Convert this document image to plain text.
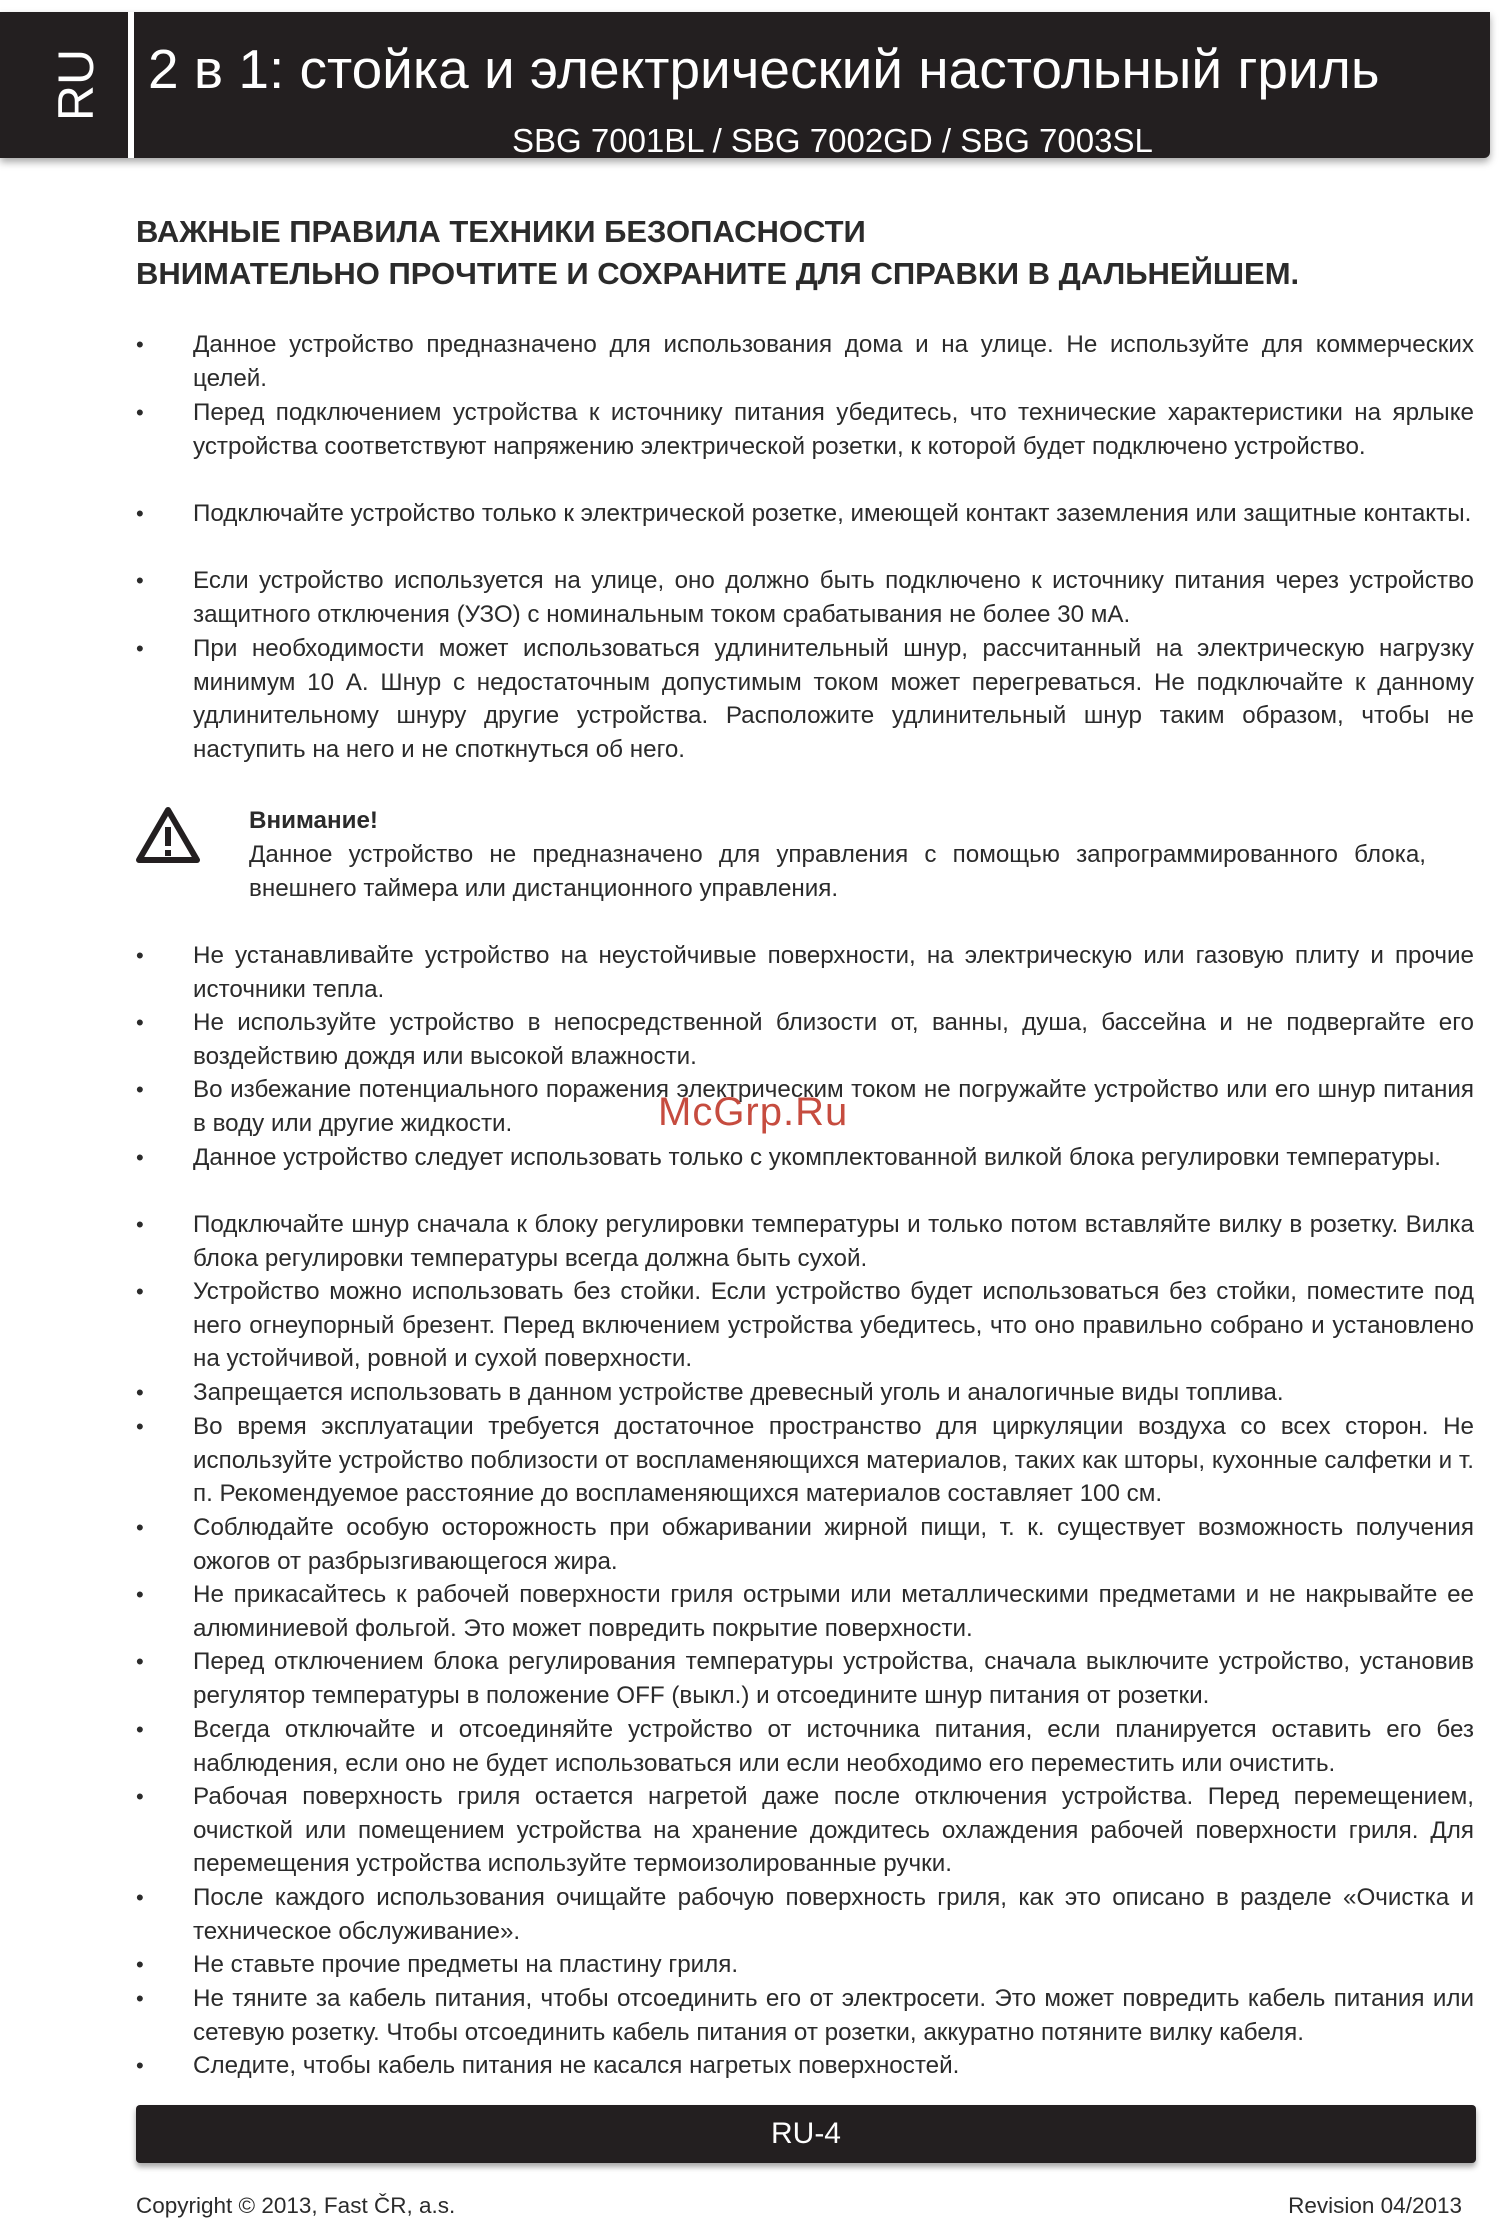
RU 2 в 1: стойка и электрический настольный гриль
SBG 7001BL / SBG 7002GD / SBG 7003SL
ВАЖНЫЕ ПРАВИЛА ТЕХНИКИ БЕЗОПАСНОСТИ
ВНИМАТЕЛЬНО ПРОЧТИТЕ И СОХРАНИТЕ ДЛЯ СПРАВКИ В ДАЛЬНЕЙШЕМ.
•	Данное устройство предназначено для использования дома и на улице. Не используйте для коммерческих целей.
•	Перед подключением устройства к источнику питания убедитесь, что технические характеристики на ярлыке устройства соответствуют напряжению электрической розетки, к которой будет подключено устройство.
•	Подключайте устройство только к электрической розетке, имеющей контакт заземления или защитные контакты.
•	Если устройство используется на улице, оно должно быть подключено к источнику питания через устройство защитного отключения (УЗО) с номинальным током срабатывания не более 30 мА.
•	При необходимости может использоваться удлинительный шнур, рассчитанный на электрическую нагрузку минимум 10 А. Шнур с недостаточным допустимым током может перегреваться. Не подключайте к данному удлинительному шнуру другие устройства. Расположите удлинительный шнур таким образом, чтобы не наступить на него и не споткнуться об него.
Внимание!
Данное устройство не предназначено для управления с помощью запрограммированного блока, внешнего таймера или дистанционного управления.
•	Не устанавливайте устройство на неустойчивые поверхности, на электрическую или газовую плиту и прочие источники тепла.
•	Не используйте устройство в непосредственной близости от, ванны, душа, бассейна и не подвергайте его воздействию дождя или высокой влажности.
•	Во избежание потенциального поражения электрическим током не погружайте устройство или его шнур питания в воду или другие жидкости.
•	Данное устройство следует использовать только с укомплектованной вилкой блока регулировки температуры.
•	Подключайте шнур сначала к блоку регулировки температуры и только потом вставляйте вилку в розетку. Вилка блока регулировки температуры всегда должна быть сухой.
•	Устройство можно использовать без стойки. Если устройство будет использоваться без стойки, поместите под него огнеупорный брезент. Перед включением устройства убедитесь, что оно правильно собрано и установлено на устойчивой, ровной и сухой поверхности.
•	Запрещается использовать в данном устройстве древесный уголь и аналогичные виды топлива.
•	Во время эксплуатации требуется достаточное пространство для циркуляции воздуха со всех сторон. Не используйте устройство поблизости от воспламеняющихся материалов, таких как шторы, кухонные салфетки и т. п. Рекомендуемое расстояние до воспламеняющихся материалов составляет 100 см.
•	Соблюдайте особую осторожность при обжаривании жирной пищи, т. к. существует возможность получения ожогов от разбрызгивающегося жира.
•	Не прикасайтесь к рабочей поверхности гриля острыми или металлическими предметами и не накрывайте ее алюминиевой фольгой. Это может повредить покрытие поверхности.
•	Перед отключением блока регулирования температуры устройства, сначала выключите устройство, установив регулятор температуры в положение OFF (выкл.) и отсоедините шнур питания от розетки.
•	Всегда отключайте и отсоединяйте устройство от источника питания, если планируется оставить его без наблюдения, если оно не будет использоваться или если необходимо его переместить или очистить.
•	Рабочая поверхность гриля остается нагретой даже после отключения устройства. Перед перемещением, очисткой или помещением устройства на хранение дождитесь охлаждения рабочей поверхности гриля. Для перемещения устройства используйте термоизолированные ручки.
•	После каждого использования очищайте рабочую поверхность гриля, как это описано в разделе «Очистка и техническое обслуживание».
•	Не ставьте прочие предметы на пластину гриля.
•	Не тяните за кабель питания, чтобы отсоединить его от электросети. Это может повредить кабель питания или сетевую розетку. Чтобы отсоединить кабель питания от розетки, аккуратно потяните вилку кабеля.
•	Следите, чтобы кабель питания не касался нагретых поверхностей.
McGrp.Ru
RU-4
Copyright © 2013, Fast ČR, a.s.	Revision 04/2013
